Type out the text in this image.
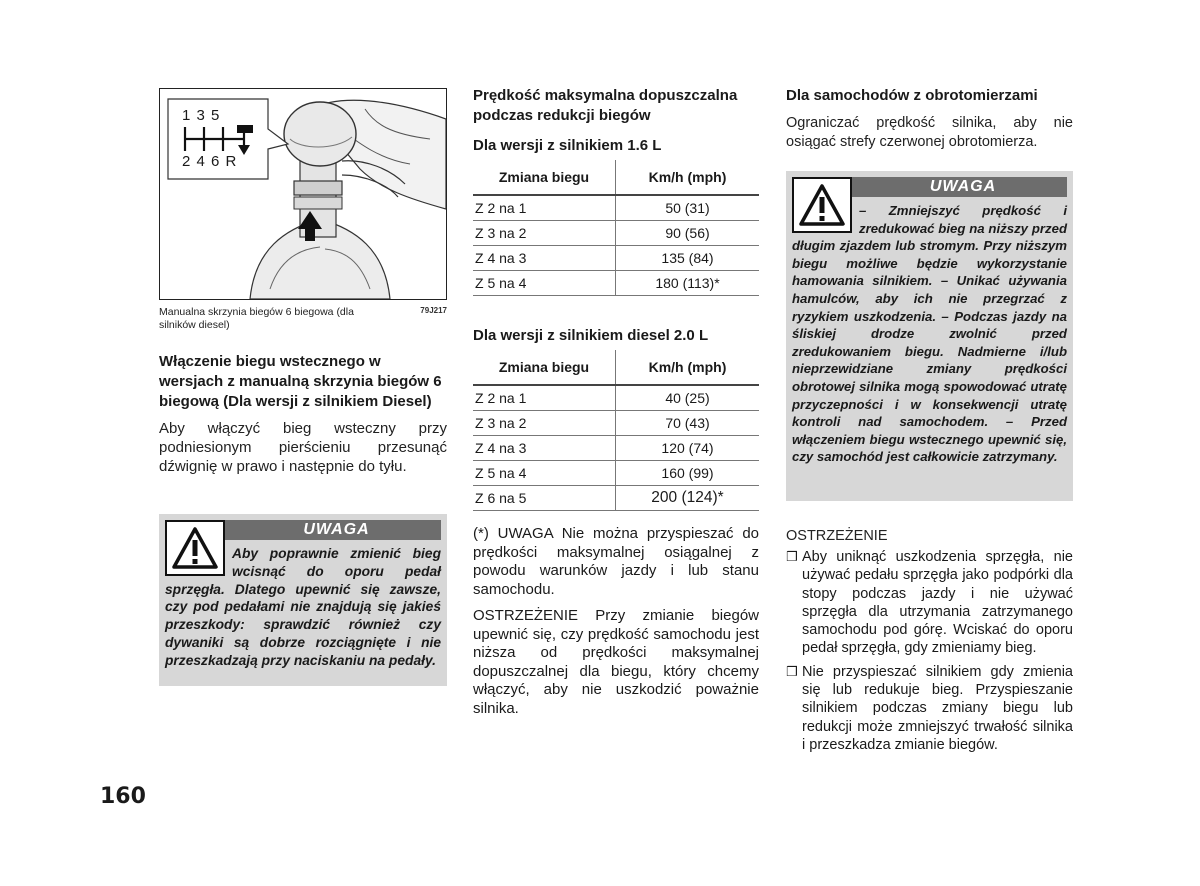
1 3 5
2 4 6 R
Manualna skrzynia biegów 6 biegowa (dla silników diesel)
79J217

Włączenie biegu wstecznego w wersjach z manualną skrzynia biegów 6 biegową (Dla wersji z silnikiem Diesel)

Aby włączyć bieg wsteczny przy podniesionym pierścieniu przesunąć dźwignię w prawo i następnie do tyłu.

UWAGA

Aby poprawnie zmienić bieg wcisnąć do oporu pedał sprzęgła. Dlatego upewnić się zawsze, czy pod pedałami nie znajdują się jakieś przeszkody: sprawdzić również czy dywaniki są dobrze rozciągnięte i nie przeszkadzają przy naciskaniu na pedały.

Prędkość maksymalna dopuszczalna podczas redukcji biegów

Dla wersji z silnikiem 1.6 L

Zmiana biegu	Km/h (mph)
Z 2 na 1	50 (31)
Z 3 na 2	90 (56)
Z 4 na 3	135 (84)
Z 5 na 4	180 (113)*

Dla wersji z silnikiem diesel 2.0 L

Zmiana biegu	Km/h (mph)
Z 2 na 1	40 (25)
Z 3 na 2	70 (43)
Z 4 na 3	120 (74)
Z 5 na 4	160 (99)
Z 6 na 5	200 (124)*

(*) UWAGA Nie można przyspieszać do prędkości maksymalnej osiągalnej z powodu warunków jazdy i lub stanu samochodu.

OSTRZEŻENIE Przy zmianie biegów upewnić się, czy prędkość samochodu jest niższa od prędkości maksymalnej dopuszczalnej dla biegu, który chcemy włączyć, aby nie uszkodzić poważnie silnika.

Dla samochodów z obrotomierzami

Ograniczać prędkość silnika, aby nie osiągać strefy czerwonej obrotomierza.

UWAGA

– Zmniejszyć prędkość i zredukować bieg na niższy przed długim zjazdem lub stromym. Przy niższym biegu możliwe będzie wykorzystanie hamowania silnikiem. – Unikać używania hamulców, aby ich nie przegrzać z ryzykiem uszkodzenia. – Podczas jazdy na śliskiej drodze zwolnić przed zredukowaniem biegu. Nadmierne i/lub nieprzewidziane zmiany prędkości obrotowej silnika mogą spowodować utratę przyczepności i w konsekwencji utratę kontroli nad samochodem. – Przed włączeniem biegu wstecznego upewnić się, czy samochód jest całkowicie zatrzymany.

OSTRZEŻENIE

❒ Aby uniknąć uszkodzenia sprzęgła, nie używać pedału sprzęgła jako podpórki dla stopy podczas jazdy i nie używać sprzęgła dla utrzymania zatrzymanego samochodu pod górę. Wciskać do oporu pedał sprzęgła, gdy zmieniamy bieg.
❒ Nie przyspieszać silnikiem gdy zmienia się lub redukuje bieg. Przyspieszanie silnikiem podczas zmiany biegu lub redukcji może zmniejszyć trwałość silnika i przeszkadza zmianie biegów.
160
